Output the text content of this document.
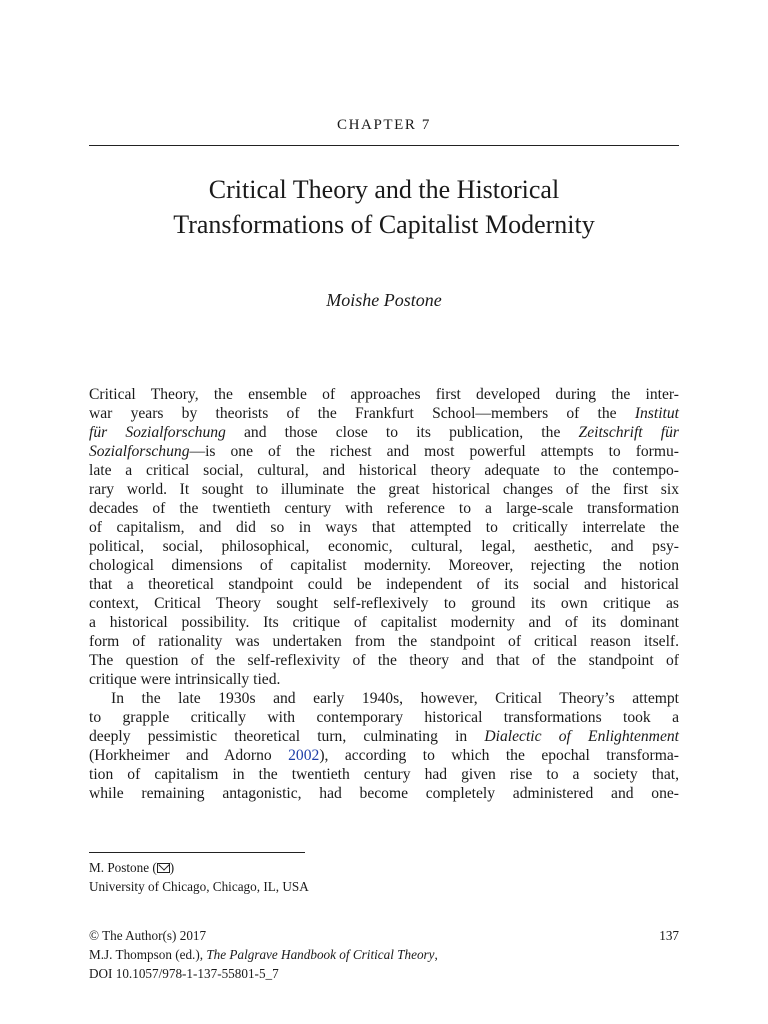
CHAPTER 7
Critical Theory and the Historical
Transformations of Capitalist Modernity
Moishe Postone
Critical Theory, the ensemble of approaches first developed during the inter-
war years by theorists of the Frankfurt School—members of the Institut
für Sozialforschung and those close to its publication, the Zeitschrift für
Sozialforschung—is one of the richest and most powerful attempts to formu-
late a critical social, cultural, and historical theory adequate to the contempo-
rary world. It sought to illuminate the great historical changes of the first six
decades of the twentieth century with reference to a large-scale transformation
of capitalism, and did so in ways that attempted to critically interrelate the
political, social, philosophical, economic, cultural, legal, aesthetic, and psy-
chological dimensions of capitalist modernity. Moreover, rejecting the notion
that a theoretical standpoint could be independent of its social and historical
context, Critical Theory sought self-reflexively to ground its own critique as
a historical possibility. Its critique of capitalist modernity and of its dominant
form of rationality was undertaken from the standpoint of critical reason itself.
The question of the self-reflexivity of the theory and that of the standpoint of
critique were intrinsically tied.
In the late 1930s and early 1940s, however, Critical Theory’s attempt
to grapple critically with contemporary historical transformations took a
deeply pessimistic theoretical turn, culminating in Dialectic of Enlightenment
(Horkheimer and Adorno 2002), according to which the epochal transforma-
tion of capitalism in the twentieth century had given rise to a society that,
while remaining antagonistic, had become completely administered and one-
M. Postone ( )
University of Chicago, Chicago, IL, USA
© The Author(s) 2017
M.J. Thompson (ed.), The Palgrave Handbook of Critical Theory,
DOI 10.1057/978-1-137-55801-5_7
137
